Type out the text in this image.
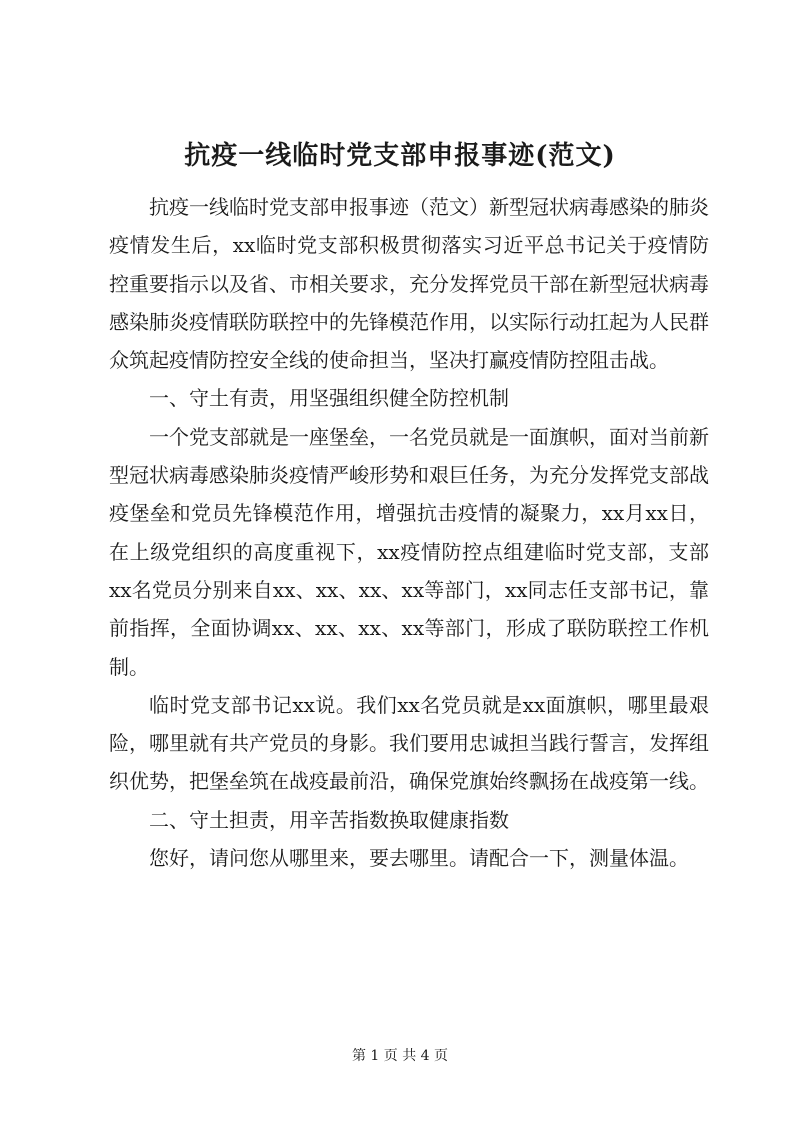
抗疫一线临时党支部申报事迹(范文)

抗疫一线临时党支部申报事迹（范文）新型冠状病毒感染的肺炎疫情发生后，xx临时党支部积极贯彻落实习近平总书记关于疫情防控重要指示以及省、市相关要求，充分发挥党员干部在新型冠状病毒感染肺炎疫情联防联控中的先锋模范作用，以实际行动扛起为人民群众筑起疫情防控安全线的使命担当，坚决打赢疫情防控阻击战。

一、守土有责，用坚强组织健全防控机制

一个党支部就是一座堡垒，一名党员就是一面旗帜，面对当前新型冠状病毒感染肺炎疫情严峻形势和艰巨任务，为充分发挥党支部战疫堡垒和党员先锋模范作用，增强抗击疫情的凝聚力，xx月xx日，在上级党组织的高度重视下，xx疫情防控点组建临时党支部，支部xx名党员分别来自xx、xx、xx、xx等部门，xx同志任支部书记，靠前指挥，全面协调xx、xx、xx、xx等部门，形成了联防联控工作机制。

临时党支部书记xx说。我们xx名党员就是xx面旗帜，哪里最艰险，哪里就有共产党员的身影。我们要用忠诚担当践行誓言，发挥组织优势，把堡垒筑在战疫最前沿，确保党旗始终飘扬在战疫第一线。

二、守土担责，用辛苦指数换取健康指数

您好，请问您从哪里来，要去哪里。请配合一下，测量体温。

第 1 页 共 4 页
